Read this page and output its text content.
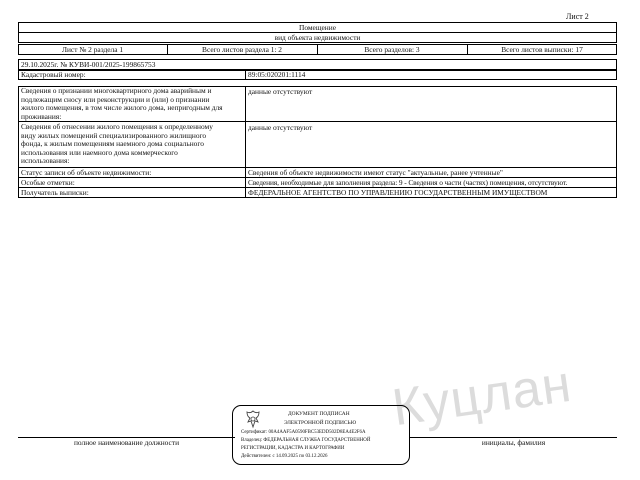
Куцлан
Лист 2
Помещение
вид объекта недвижимости
Лист № 2 раздела 1	Всего листов раздела 1: 2	Всего разделов: 3	Всего листов выписки: 17
29.10.2025г. № КУВИ-001/2025-199865753
Кадастровый номер:	89:05:020201:1114
Сведения о признании многоквартирного дома аварийным и
подлежащим сносу или реконструкции и (или) о признании
жилого помещения, в том числе жилого дома, непригодным для
проживания:
данные отсутствуют
Сведения об отнесении жилого помещения к определенному
виду жилых помещений специализированного жилищного
фонда, к жилым помещениям наемного дома социального
использования или наемного дома коммерческого
использования:
данные отсутствуют
Статус записи об объекте недвижимости:	Сведения об объекте недвижимости имеют статус "актуальные, ранее учтенные"
Особые отметки:	Сведения, необходимые для заполнения раздела: 9 - Сведения о части (частях) помещения, отсутствуют.
Получатель выписки:	ФЕДЕРАЛЬНОЕ АГЕНТСТВО ПО УПРАВЛЕНИЮ ГОСУДАРСТВЕННЫМ ИМУЩЕСТВОМ
полное наименование должности	инициалы, фамилия
ДОКУМЕНТ ПОДПИСАН
ЭЛЕКТРОННОЙ ПОДПИСЬЮ
Сертификат: 00A4AAF5A0590FBC53EDD502D8EA4E2F6A
Владелец: ФЕДЕРАЛЬНАЯ СЛУЖБА ГОСУДАРСТВЕННОЙ
РЕГИСТРАЦИИ, КАДАСТРА И КАРТОГРАФИИ
Действителен: с 14.09.2025 по 03.12.2026
